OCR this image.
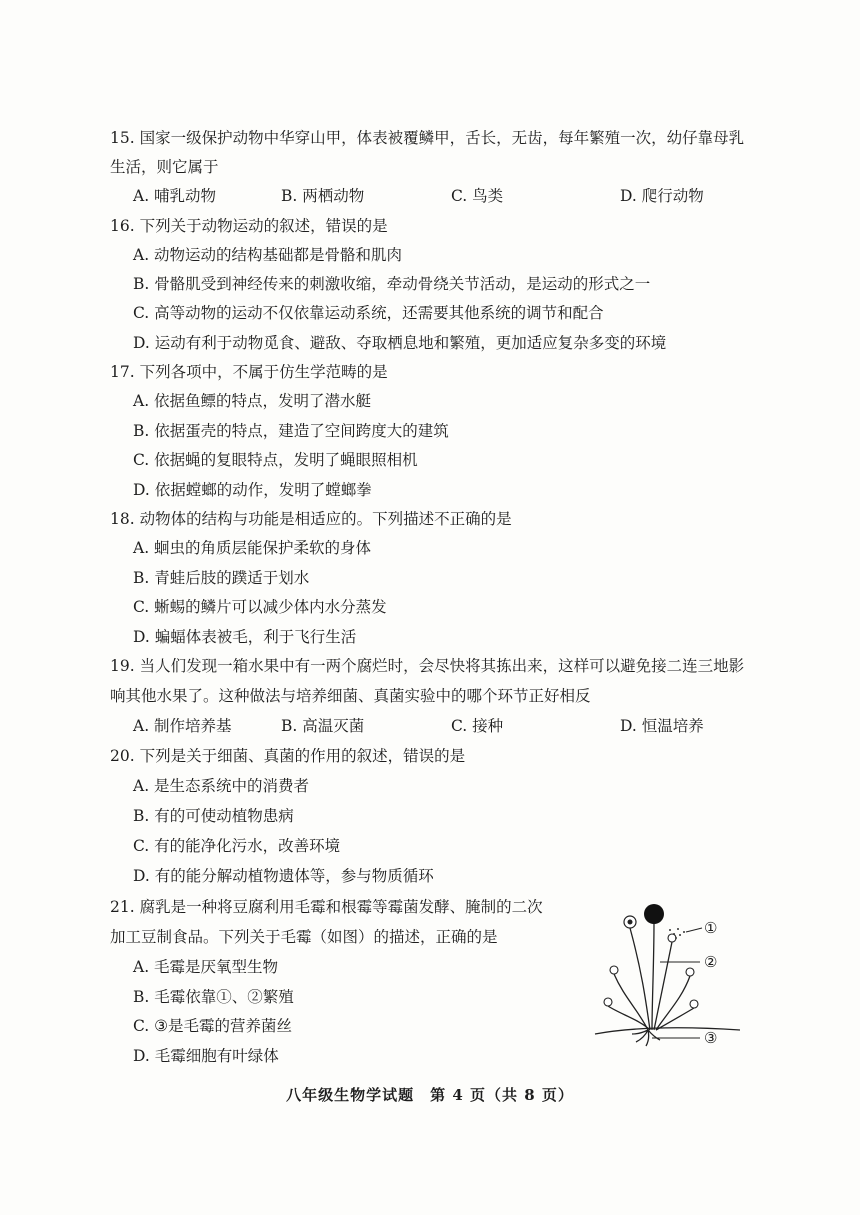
15. 国家一级保护动物中华穿山甲，体表被覆鳞甲，舌长，无齿，每年繁殖一次，幼仔靠母乳
生活，则它属于
A. 哺乳动物	B. 两栖动物	C. 鸟类	D. 爬行动物
16. 下列关于动物运动的叙述，错误的是
A. 动物运动的结构基础都是骨骼和肌肉
B. 骨骼肌受到神经传来的刺激收缩，牵动骨绕关节活动，是运动的形式之一
C. 高等动物的运动不仅依靠运动系统，还需要其他系统的调节和配合
D. 运动有利于动物觅食、避敌、夺取栖息地和繁殖，更加适应复杂多变的环境
17. 下列各项中，不属于仿生学范畴的是
A. 依据鱼鳔的特点，发明了潜水艇
B. 依据蛋壳的特点，建造了空间跨度大的建筑
C. 依据蝇的复眼特点，发明了蝇眼照相机
D. 依据螳螂的动作，发明了螳螂拳
18. 动物体的结构与功能是相适应的。下列描述不正确的是
A. 蛔虫的角质层能保护柔软的身体
B. 青蛙后肢的蹼适于划水
C. 蜥蜴的鳞片可以减少体内水分蒸发
D. 蝙蝠体表被毛，利于飞行生活
19. 当人们发现一箱水果中有一两个腐烂时，会尽快将其拣出来，这样可以避免接二连三地影
响其他水果了。这种做法与培养细菌、真菌实验中的哪个环节正好相反
A. 制作培养基	B. 高温灭菌	C. 接种	D. 恒温培养
20. 下列是关于细菌、真菌的作用的叙述，错误的是
A. 是生态系统中的消费者
B. 有的可使动植物患病
C. 有的能净化污水，改善环境
D. 有的能分解动植物遗体等，参与物质循环
21. 腐乳是一种将豆腐利用毛霉和根霉等霉菌发酵、腌制的二次
加工豆制食品。下列关于毛霉（如图）的描述，正确的是
A. 毛霉是厌氧型生物
B. 毛霉依靠①、②繁殖
C. ③是毛霉的营养菌丝
D. 毛霉细胞有叶绿体
①
②
③
八年级生物学试题　第 4 页（共 8 页）
